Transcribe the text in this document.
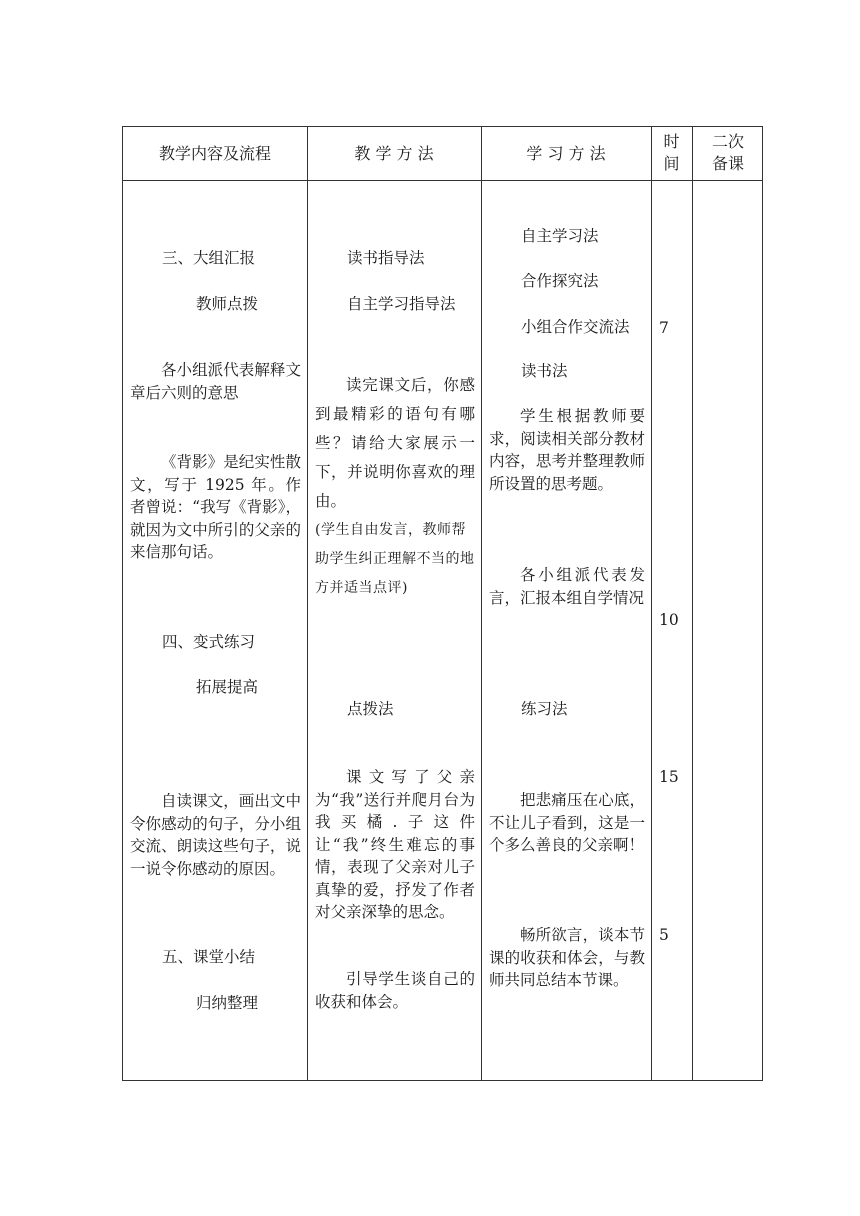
教学内容及流程	教 学 方 法	学 习 方 法
时
间
二次
备课
三、大组汇报
教师点拨
各小组派代表解释文章后六则的意思
《背影》是纪实性散文，写于 1925 年。作者曾说：“我写《背影》，就因为文中所引的父亲的来信那句话。
四、变式练习
拓展提高
自读课文，画出文中令你感动的句子，分小组交流、朗读这些句子，说一说令你感动的原因。
五、课堂小结
归纳整理
读书指导法
自主学习指导法
读完课文后，你感到最精彩的语句有哪些？请给大家展示一下，并说明你喜欢的理由。
(学生自由发言，教师帮助学生纠正理解不当的地方并适当点评)
点拨法
课文写了父亲为“我”送行并爬月台为我买橘.子这件让“我”终生难忘的事情，表现了父亲对儿子真挚的爱，抒发了作者对父亲深挚的思念。
引导学生谈自己的收获和体会。
自主学习法
合作探究法
小组合作交流法
读书法
学生根据教师要求，阅读相关部分教材内容，思考并整理教师所设置的思考题。
各小组派代表发言，汇报本组自学情况
练习法
把悲痛压在心底，不让儿子看到，这是一个多么善良的父亲啊！
畅所欲言，谈本节课的收获和体会，与教师共同总结本节课。
7
10
15
5
